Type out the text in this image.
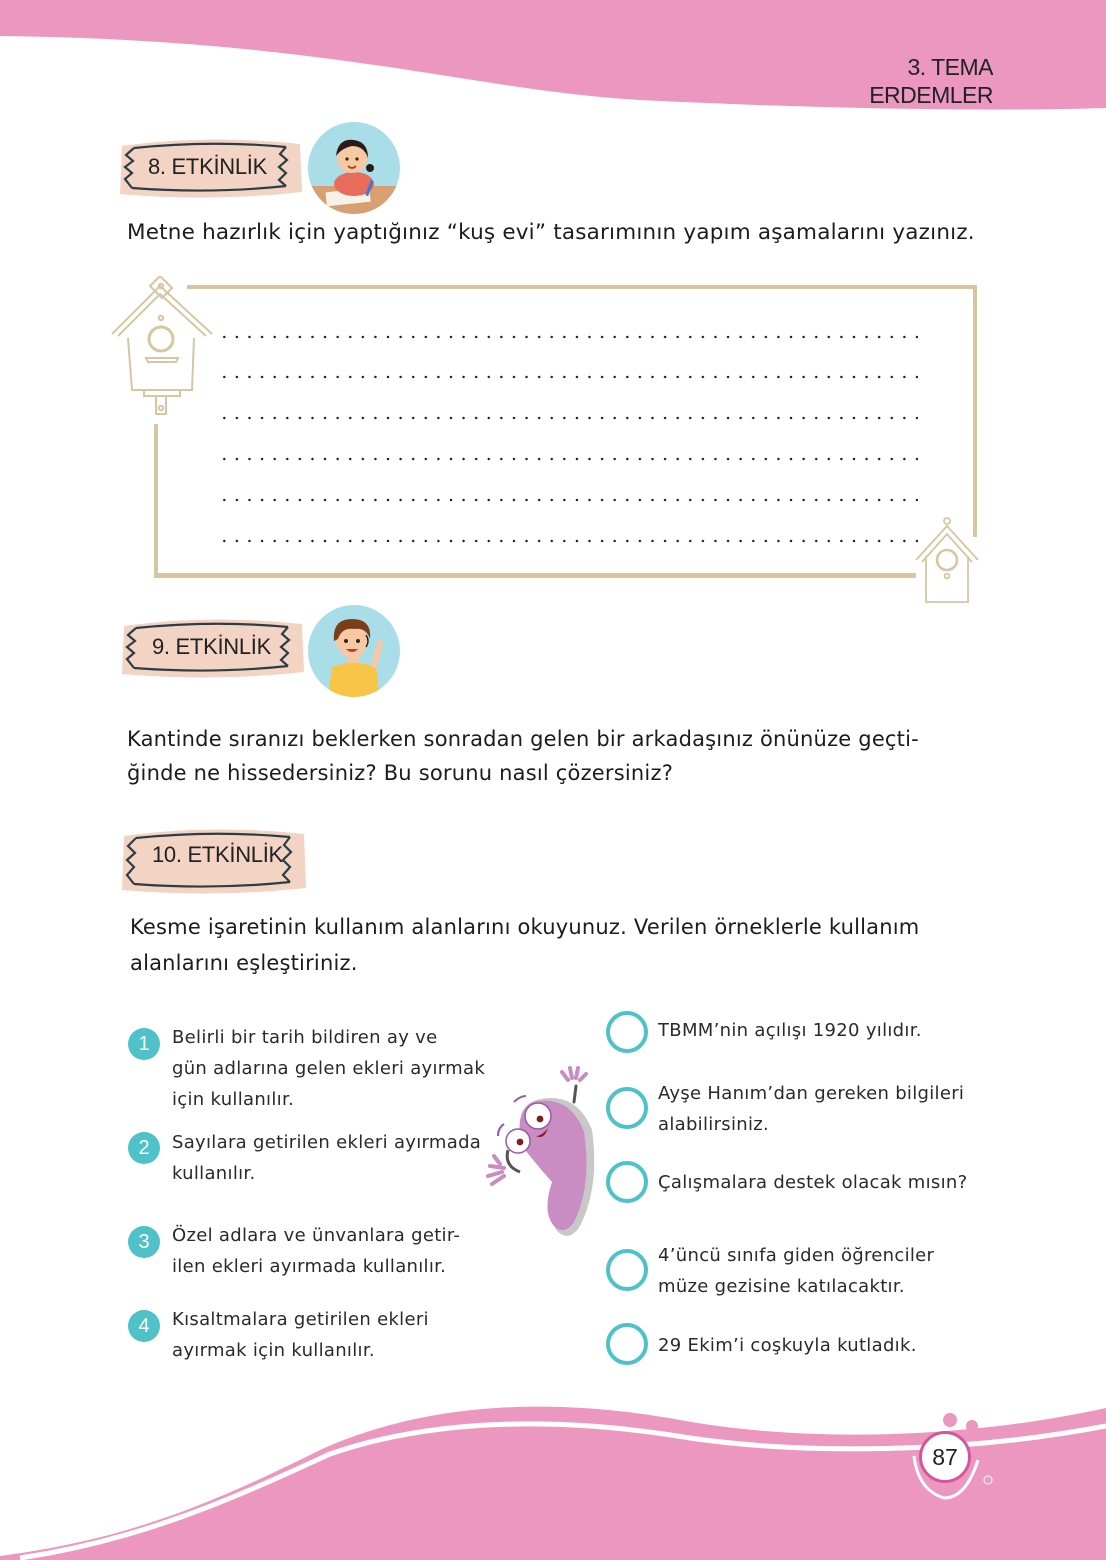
3. TEMA
ERDEMLER
8. ETKİNLİK
Metne hazırlık için yaptığınız “kuş evi” tasarımının yapım aşamalarını yazınız.
9. ETKİNLİK
Kantinde sıranızı beklerken sonradan gelen bir arkadaşınız önünüze geçti-
ğinde ne hissedersiniz? Bu sorunu nasıl çözersiniz?
10. ETKİNLİK
Kesme işaretinin kullanım alanlarını okuyunuz. Verilen örneklerle kullanım
alanlarını eşleştiriniz.
1	Belirli bir tarih bildiren ay ve
gün adlarına gelen ekleri ayırmak
için kullanılır.
2	Sayılara getirilen ekleri ayırmada
kullanılır.
3	Özel adlara ve ünvanlara getir-
ilen ekleri ayırmada kullanılır.
4	Kısaltmalara getirilen ekleri
ayırmak için kullanılır.
TBMM’nin açılışı 1920 yılıdır.
Ayşe Hanım’dan gereken bilgileri
alabilirsiniz.
Çalışmalara destek olacak mısın?
4’üncü sınıfa giden öğrenciler
müze gezisine katılacaktır.
29 Ekim’i coşkuyla kutladık.
87
